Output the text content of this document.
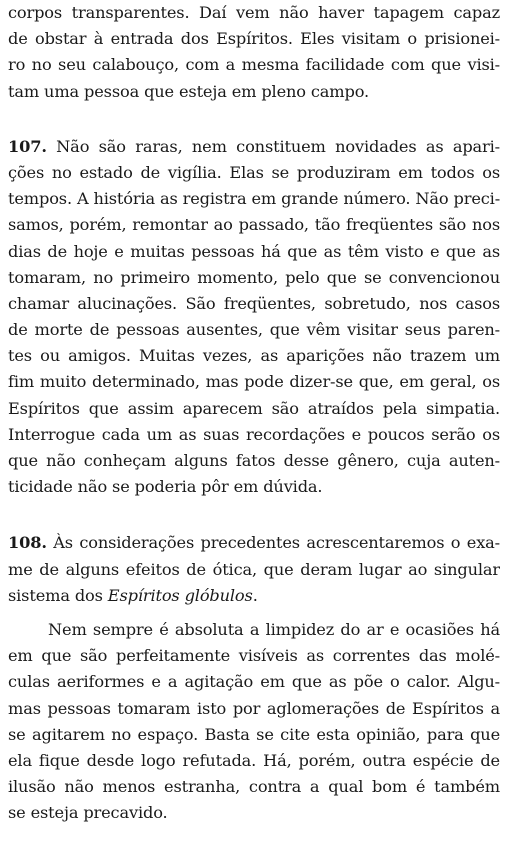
corpos transparentes. Daí vem não haver tapagem capaz
de obstar à entrada dos Espíritos. Eles visitam o prisionei-
ro no seu calabouço, com a mesma facilidade com que visi-
tam uma pessoa que esteja em pleno campo.
107. Não são raras, nem constituem novidades as apari-
ções no estado de vigília. Elas se produziram em todos os
tempos. A história as registra em grande número. Não preci-
samos, porém, remontar ao passado, tão freqüentes são nos
dias de hoje e muitas pessoas há que as têm visto e que as
tomaram, no primeiro momento, pelo que se convencionou
chamar alucinações. São freqüentes, sobretudo, nos casos
de morte de pessoas ausentes, que vêm visitar seus paren-
tes ou amigos. Muitas vezes, as aparições não trazem um
fim muito determinado, mas pode dizer-se que, em geral, os
Espíritos que assim aparecem são atraídos pela simpatia.
Interrogue cada um as suas recordações e poucos serão os
que não conheçam alguns fatos desse gênero, cuja auten-
ticidade não se poderia pôr em dúvida.
108. Às considerações precedentes acrescentaremos o exa-
me de alguns efeitos de ótica, que deram lugar ao singular
sistema dos Espíritos glóbulos.
Nem sempre é absoluta a limpidez do ar e ocasiões há
em que são perfeitamente visíveis as correntes das molé-
culas aeriformes e a agitação em que as põe o calor. Algu-
mas pessoas tomaram isto por aglomerações de Espíritos a
se agitarem no espaço. Basta se cite esta opinião, para que
ela fique desde logo refutada. Há, porém, outra espécie de
ilusão não menos estranha, contra a qual bom é também
se esteja precavido.
